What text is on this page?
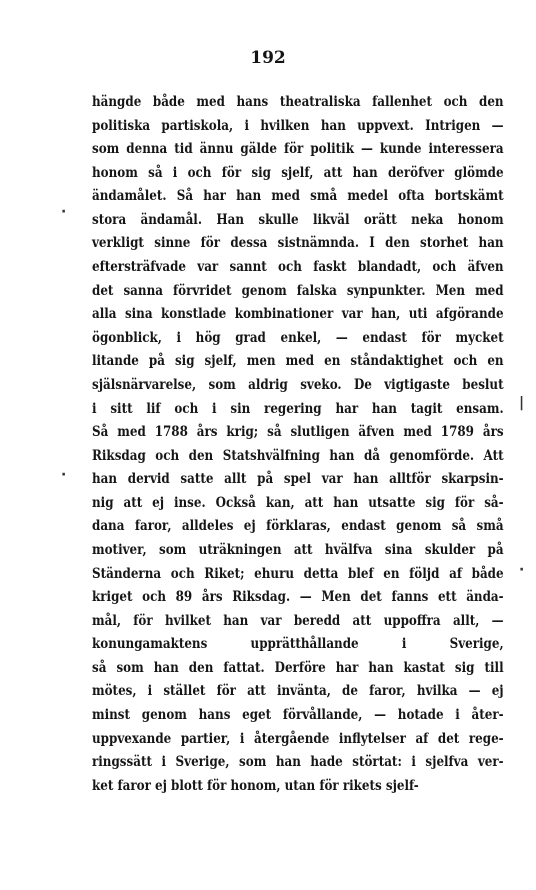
192
hängde både med hans theatraliska fallenhet och den
politiska partiskola, i hvilken han uppvext. Intrigen —
som denna tid ännu gälde för politik — kunde interessera
honom så i och för sig sjelf, att han deröfver glömde
ändamålet. Så har han med små medel ofta bortskämt
stora ändamål. Han skulle likväl orätt neka honom
verkligt sinne för dessa sistnämnda. I den storhet han
eftersträfvade var sannt och faskt blandadt, och äfven
det sanna förvridet genom falska synpunkter. Men med
alla sina konstlade kombinationer var han, uti afgörande
ögonblick, i hög grad enkel, — endast för mycket
litande på sig sjelf, men med en ståndaktighet och en
själsnärvarelse, som aldrig sveko. De vigtigaste beslut
i sitt lif och i sin regering har han tagit ensam.
Så med 1788 års krig; så slutligen äfven med 1789 års
Riksdag och den Statshvälfning han då genomförde. Att
han dervid satte allt på spel var han alltför skarpsin-
nig att ej inse. Också kan, att han utsatte sig för så-
dana faror, alldeles ej förklaras, endast genom så små
motiver, som uträkningen att hvälfva sina skulder på
Ständerna och Riket; ehuru detta blef en följd af både
kriget och 89 års Riksdag. — Men det fanns ett ända-
mål, för hvilket han var beredd att uppoffra allt, —
konungamaktens upprätthållande i Sverige,
så som han den fattat. Derföre har han kastat sig till
mötes, i stället för att invänta, de faror, hvilka — ej
minst genom hans eget förvållande, — hotade i åter-
uppvexande partier, i återgående inflytelser af det rege-
ringssätt i Sverige, som han hade störtat: i sjelfva ver-
ket faror ej blott för honom, utan för rikets sjelf-
·
·
|
·
